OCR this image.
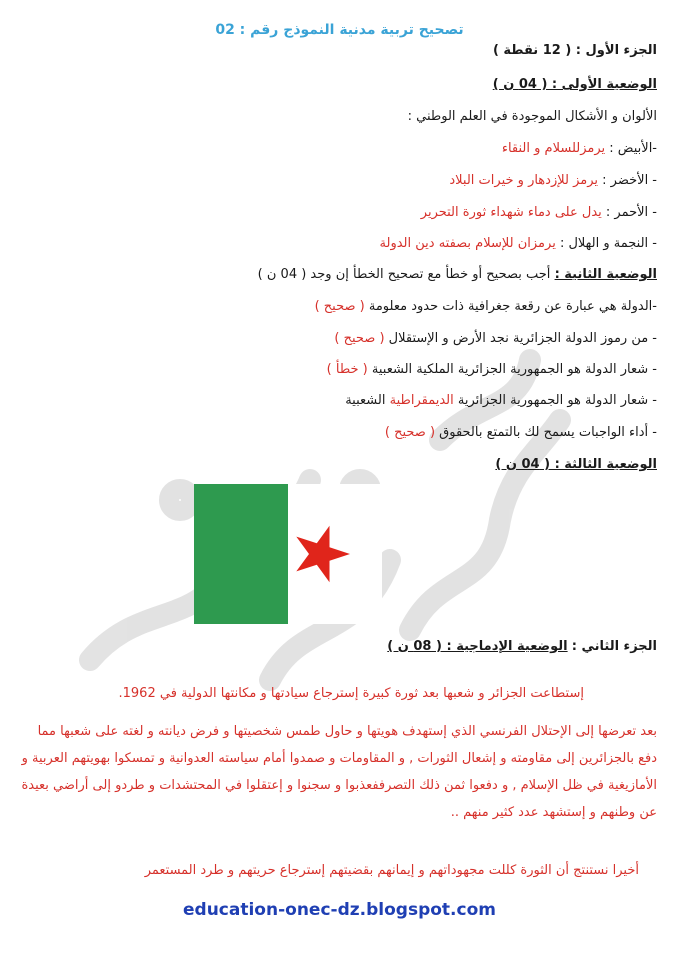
تصحيح تربية مدنية النموذج رقم : 02
الجزء الأول : ( 12 نقطة )
الوضعية الأولى : ( 04 ن )
الألوان و الأشكال الموجودة في العلم الوطني :
-الأبيض : يرمزللسلام و النقاء
- الأخضر : يرمز للإزدهار و خيرات البلاد
- الأحمر : يدل على دماء شهداء ثورة التحرير
- النجمة و الهلال : يرمزان للإسلام بصفته دين الدولة
الوضعية الثانية : أجب بصحيح أو خطأ مع تصحيح الخطأ إن وجد ( 04 ن )
-الدولة هي عبارة عن رقعة جغرافية ذات حدود معلومة ( صحيح )
- من رموز الدولة الجزائرية نجد الأرض و الإستقلال ( صحيح )
- شعار الدولة هو الجمهورية الجزائرية الملكية الشعبية ( خطأ )
- شعار الدولة هو الجمهورية الجزائرية الديمقراطية الشعبية
- أداء الواجبات يسمح لك بالتمتع بالحقوق ( صحيح )
الوضعية الثالثة : ( 04 ن )
الجزء الثاني : الوضعية الإدماجية : ( 08 ن )
إستطاعت الجزائر و شعبها بعد ثورة كبيرة إسترجاع سيادتها و مكانتها الدولية في 1962.
بعد تعرضها إلى الإحتلال الفرنسي الذي إستهدف هويتها و حاول طمس شخصيتها و فرض ديانته و لغته على شعبها مما دفع بالجزائرين إلى مقاومته و إشعال الثورات , و المقاومات و صمدوا أمام سياسته العدوانية و تمسكوا بهويتهم العربية و الأمازيغية في ظل الإسلام , و دفعوا ثمن ذلك التصرففعذبوا و سجنوا و إعتقلوا في المحتشدات و طردو إلى أراضي بعيدة عن وطنهم و إستشهد عدد كثير منهم ..
أخيرا نستنتج أن الثورة كللت مجهوداتهم و إيمانهم بقضيتهم إسترجاع حريتهم و طرد المستعمر
education-onec-dz.blogspot.com
